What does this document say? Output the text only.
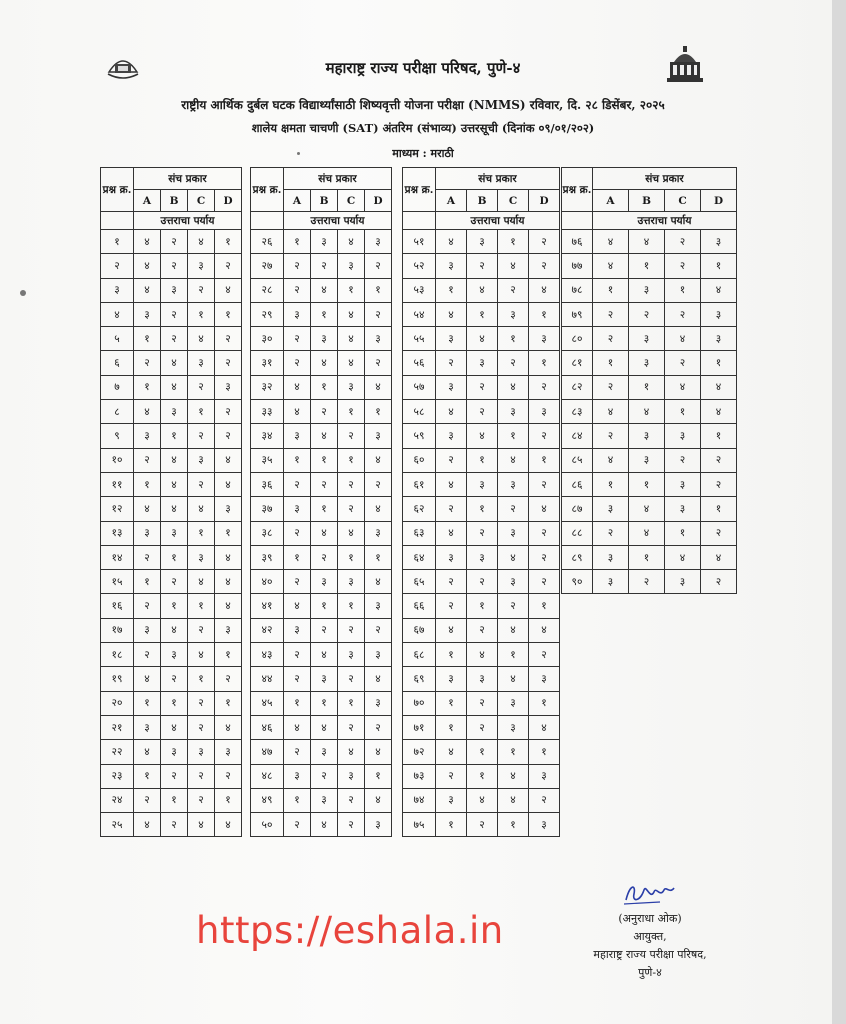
महाराष्ट्र राज्य परीक्षा परिषद, पुणे-४
राष्ट्रीय आर्थिक दुर्बल घटक विद्यार्थ्यांसाठी शिष्यवृत्ती योजना परीक्षा (NMMS) रविवार, दि. २८ डिसेंबर, २०२५
शालेय क्षमता चाचणी (SAT) अंतरिम (संभाव्य) उत्तरसूची (दिनांक ०९/०१/२०२)
माध्यम : मराठी
प्रश्न क्र.	संच प्रकार			
	A	B	C	D
	उत्तराचा पर्याय			
१	४	२	४	१
२	४	२	३	२
३	४	३	२	४
४	३	२	१	१
५	१	२	४	२
६	२	४	३	२
७	१	४	२	३
८	४	३	१	२
९	३	१	२	२
१०	२	४	३	४
११	१	४	२	४
१२	४	४	४	३
१३	३	३	१	१
१४	२	१	३	४
१५	१	२	४	४
१६	२	१	१	४
१७	३	४	२	३
१८	२	३	४	१
१९	४	२	१	२
२०	१	१	२	१
२१	३	४	२	४
२२	४	३	३	३
२३	१	२	२	२
२४	२	१	२	१
२५	४	२	४	४
प्रश्न क्र.	संच प्रकार			
	A	B	C	D
	उत्तराचा पर्याय			
२६	१	३	४	३
२७	२	२	३	२
२८	२	४	१	१
२९	३	१	४	२
३०	२	३	४	३
३१	२	४	४	२
३२	४	१	३	४
३३	४	२	१	१
३४	३	४	२	३
३५	१	१	१	४
३६	२	२	२	२
३७	३	१	२	४
३८	२	४	४	३
३९	१	२	१	१
४०	२	३	३	४
४१	४	१	१	३
४२	३	२	२	२
४३	२	४	३	३
४४	२	३	२	४
४५	१	१	१	३
४६	४	४	२	२
४७	२	३	४	४
४८	३	२	३	१
४९	१	३	२	४
५०	२	४	२	३
प्रश्न क्र.	संच प्रकार			
	A	B	C	D
	उत्तराचा पर्याय			
५१	४	३	१	२
५२	३	२	४	२
५३	१	४	२	४
५४	४	१	३	१
५५	३	४	१	३
५६	२	३	२	१
५७	३	२	४	२
५८	४	२	३	३
५९	३	४	१	२
६०	२	१	४	१
६१	४	३	३	२
६२	२	१	२	४
६३	४	२	३	२
६४	३	३	४	२
६५	२	२	३	२
६६	२	१	२	१
६७	४	२	४	४
६८	१	४	१	२
६९	३	३	४	३
७०	१	२	३	१
७१	१	२	३	४
७२	४	१	१	१
७३	२	१	४	३
७४	३	४	४	२
७५	१	२	१	३
प्रश्न क्र.	संच प्रकार			
	A	B	C	D
	उत्तराचा पर्याय			
७६	४	४	२	३
७७	४	१	२	१
७८	१	३	१	४
७९	२	२	२	३
८०	२	३	४	३
८१	१	३	२	१
८२	२	१	४	४
८३	४	४	१	४
८४	२	३	३	१
८५	४	३	२	२
८६	१	१	३	२
८७	३	४	३	१
८८	२	४	१	२
८९	३	१	४	४
९०	३	२	३	२
https://eshala.in	(अनुराधा ओक)
आयुक्त,
महाराष्ट्र राज्य परीक्षा परिषद,
पुणे-४
